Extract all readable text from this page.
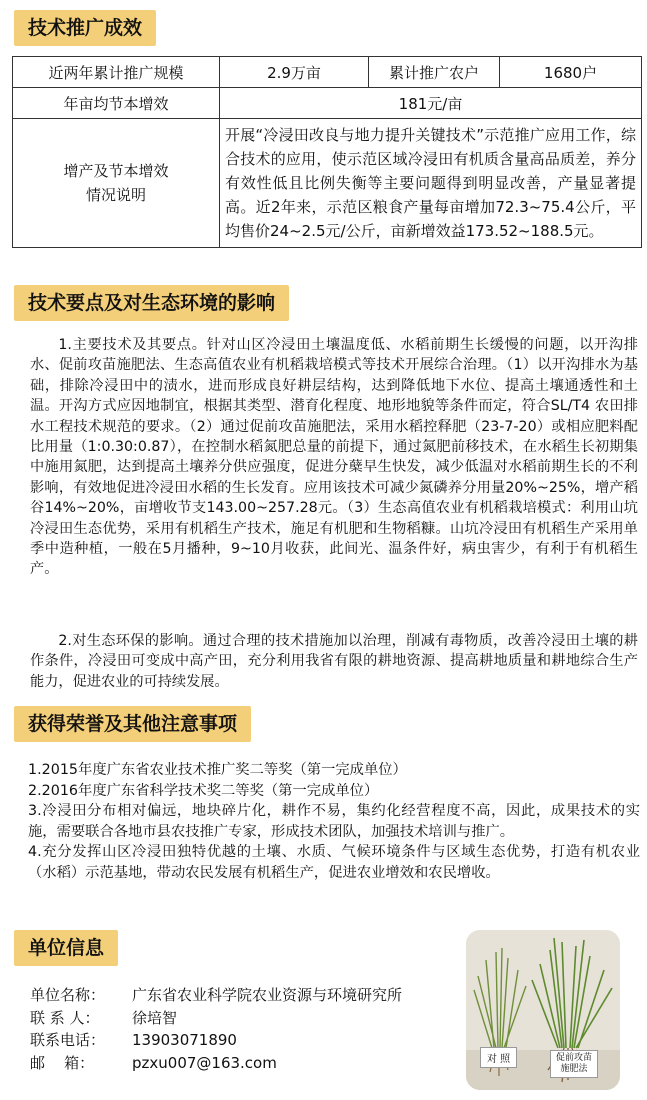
技术推广成效
近两年累计推广规模	2.9万亩	累计推广农户	1680户
年亩均节本增效	181元/亩		

增产及节本增效
情况说明	开展“冷浸田改良与地力提升关键技术”示范推广应用工作，综合技术的应用，使示范区域冷浸田有机质含量高品质差，养分有效性低且比例失衡等主要问题得到明显改善，产量显著提高。近2年来，示范区粮食产量每亩增加72.3~75.4公斤，平均售价24~2.5元/公斤，亩新增效益173.52~188.5元。		
技术要点及对生态环境的影响

1.主要技术及其要点。针对山区冷浸田土壤温度低、水稻前期生长缓慢的问题，以开沟排水、促前攻苗施肥法、生态高值农业有机稻栽培模式等技术开展综合治理。（1）以开沟排水为基础，排除冷浸田中的渍水，进而形成良好耕层结构，达到降低地下水位、提高土壤通透性和土温。开沟方式应因地制宜，根据其类型、潜育化程度、地形地貌等条件而定，符合SL/T4 农田排水工程技术规范的要求。（2）通过促前攻苗施肥法，采用水稻控释肥（23-7-20）或相应肥料配比用量（1:0.30:0.87），在控制水稻氮肥总量的前提下，通过氮肥前移技术，在水稻生长初期集中施用氮肥，达到提高土壤养分供应强度，促进分蘖早生快发，减少低温对水稻前期生长的不利影响，有效地促进冷浸田水稻的生长发育。应用该技术可减少氮磷养分用量20%~25%，增产稻谷14%~20%，亩增收节支143.00~257.28元。（3）生态高值农业有机稻栽培模式：利用山坑冷浸田生态优势，采用有机稻生产技术，施足有机肥和生物稻糠。山坑冷浸田有机稻生产采用单季中造种植，一般在5月播种，9~10月收获，此间光、温条件好，病虫害少，有利于有机稻生产。

2.对生态环保的影响。通过合理的技术措施加以治理，削减有毒物质，改善冷浸田土壤的耕作条件，冷浸田可变成中高产田，充分利用我省有限的耕地资源、提高耕地质量和耕地综合生产能力，促进农业的可持续发展。

获得荣誉及其他注意事项
1.2015年度广东省农业技术推广奖二等奖（第一完成单位）
2.2016年度广东省科学技术奖二等奖（第一完成单位）
3.冷浸田分布相对偏远，地块碎片化，耕作不易，集约化经营程度不高，因此，成果技术的实施，需要联合各地市县农技推广专家，形成技术团队，加强技术培训与推广。
4.充分发挥山区冷浸田独特优越的土壤、水质、气候环境条件与区域生态优势，打造有机农业（水稻）示范基地，带动农民发展有机稻生产，促进农业增效和农民增收。
单位信息
单位名称：	广东省农业科学院农业资源与环境研究所
联 系 人：	徐培智
联系电话：	13903071890
邮    箱：	pzxu007@163.com	对 照	促前攻苗施肥法
